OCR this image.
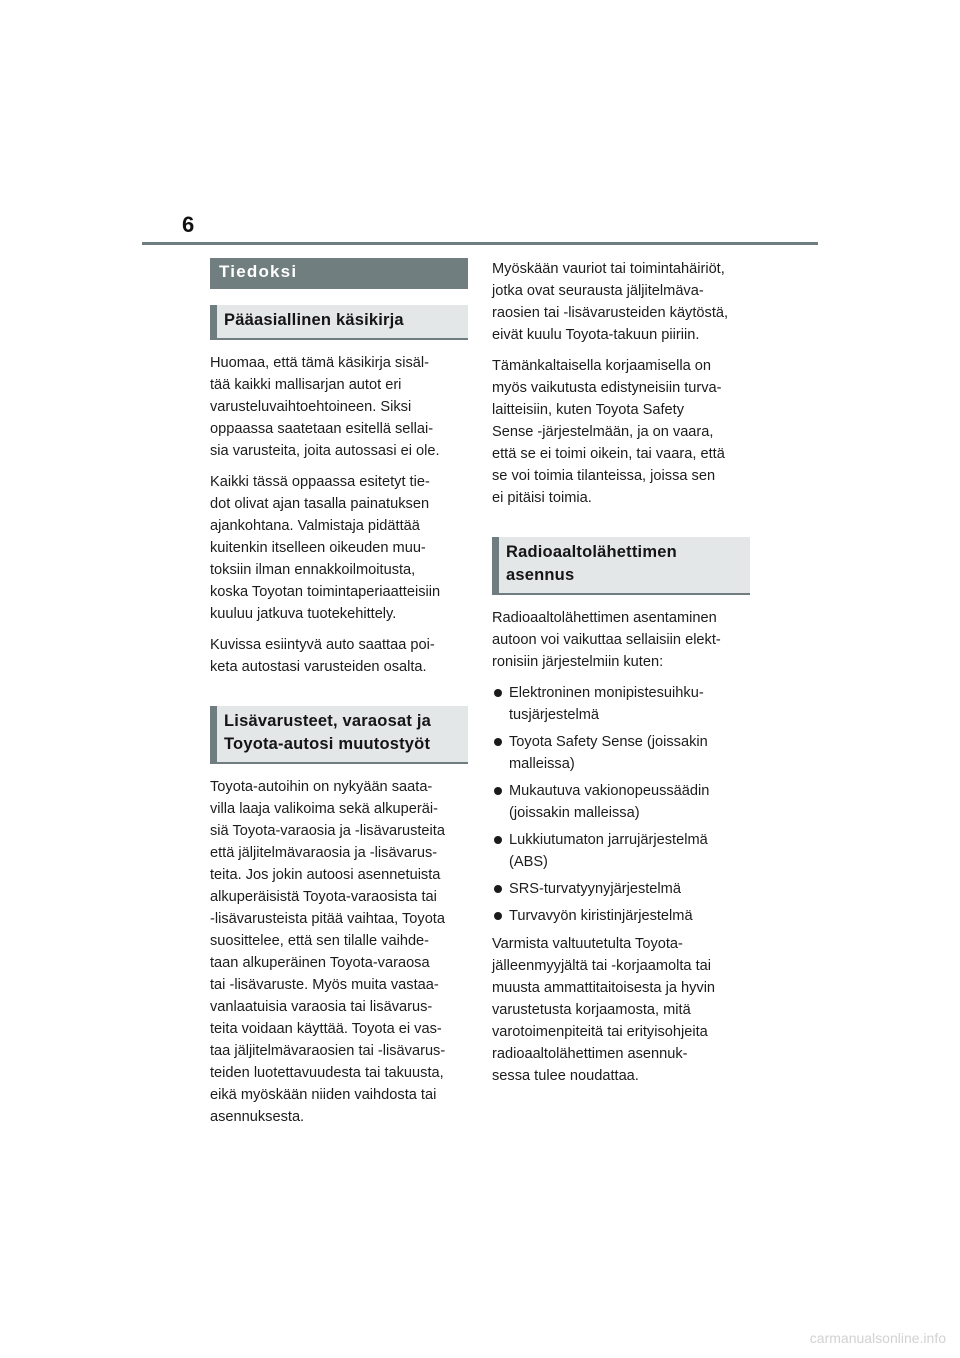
6
Tiedoksi
Pääasiallinen käsikirja

Huomaa, että tämä käsikirja sisäl-
tää kaikki mallisarjan autot eri
varusteluvaihtoehtoineen. Siksi
oppaassa saatetaan esitellä sellai-
sia varusteita, joita autossasi ei ole.

Kaikki tässä oppaassa esitetyt tie-
dot olivat ajan tasalla painatuksen
ajankohtana. Valmistaja pidättää
kuitenkin itselleen oikeuden muu-
toksiin ilman ennakkoilmoitusta,
koska Toyotan toimintaperiaatteisiin
kuuluu jatkuva tuotekehittely.

Kuvissa esiintyvä auto saattaa poi-
keta autostasi varusteiden osalta.

Lisävarusteet, varaosat ja
Toyota-autosi muutostyöt

Toyota-autoihin on nykyään saata-
villa laaja valikoima sekä alkuperäi-
siä Toyota-varaosia ja -lisävarusteita
että jäljitelmävaraosia ja -lisävarus-
teita. Jos jokin autoosi asennetuista
alkuperäisistä Toyota-varaosista tai
-lisävarusteista pitää vaihtaa, Toyota
suosittelee, että sen tilalle vaihde-
taan alkuperäinen Toyota-varaosa
tai -lisävaruste. Myös muita vastaa-
vanlaatuisia varaosia tai lisävarus-
teita voidaan käyttää. Toyota ei vas-
taa jäljitelmävaraosien tai -lisävarus-
teiden luotettavuudesta tai takuusta,
eikä myöskään niiden vaihdosta tai
asennuksesta.

Myöskään vauriot tai toimintahäiriöt,
jotka ovat seurausta jäljitelmäva-
raosien tai -lisävarusteiden käytöstä,
eivät kuulu Toyota-takuun piiriin.

Tämänkaltaisella korjaamisella on
myös vaikutusta edistyneisiin turva-
laitteisiin, kuten Toyota Safety
Sense -järjestelmään, ja on vaara,
että se ei toimi oikein, tai vaara, että
se voi toimia tilanteissa, joissa sen
ei pitäisi toimia.

Radioaaltolähettimen
asennus

Radioaaltolähettimen asentaminen
autoon voi vaikuttaa sellaisiin elekt-
ronisiin järjestelmiin kuten:

Elektroninen monipistesuihku-
tusjärjestelmä
Toyota Safety Sense (joissakin
malleissa)
Mukautuva vakionopeussäädin
(joissakin malleissa)
Lukkiutumaton jarrujärjestelmä
(ABS)
SRS-turvatyynyjärjestelmä
Turvavyön kiristinjärjestelmä

Varmista valtuutetulta Toyota-
jälleenmyyjältä tai -korjaamolta tai
muusta ammattitaitoisesta ja hyvin
varustetusta korjaamosta, mitä
varotoimenpiteitä tai erityisohjeita
radioaaltolähettimen asennuk-
sessa tulee noudattaa.

carmanualsonline.info
